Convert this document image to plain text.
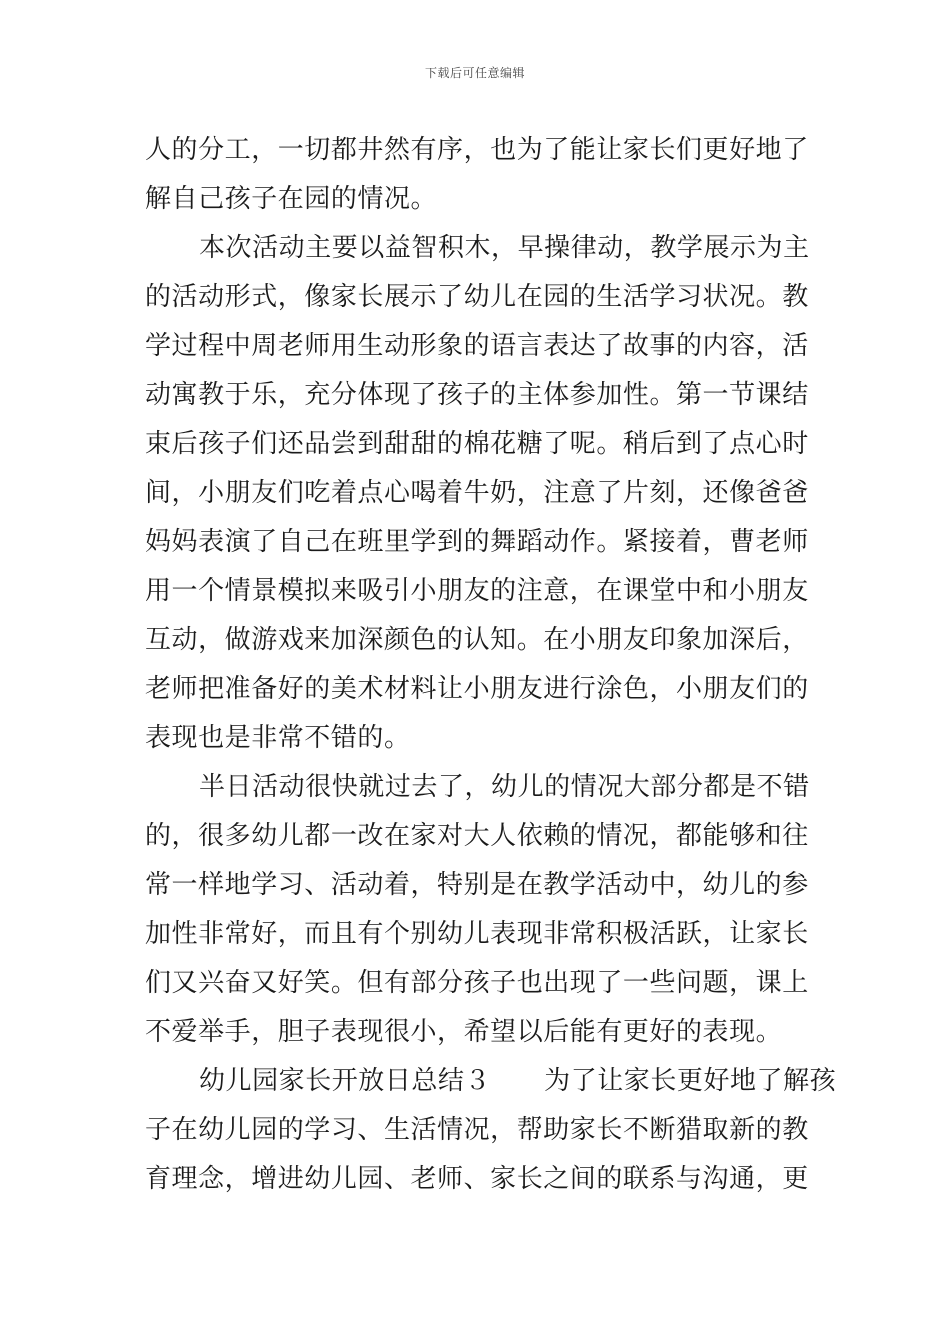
下载后可任意编辑
人的分工，一切都井然有序，也为了能让家长们更好地了
解自己孩子在园的情况。
本次活动主要以益智积木，早操律动，教学展示为主
的活动形式，像家长展示了幼儿在园的生活学习状况。教
学过程中周老师用生动形象的语言表达了故事的内容，活
动寓教于乐，充分体现了孩子的主体参加性。第一节课结
束后孩子们还品尝到甜甜的棉花糖了呢。稍后到了点心时
间，小朋友们吃着点心喝着牛奶，注意了片刻，还像爸爸
妈妈表演了自己在班里学到的舞蹈动作。紧接着，曹老师
用一个情景模拟来吸引小朋友的注意，在课堂中和小朋友
互动，做游戏来加深颜色的认知。在小朋友印象加深后，
老师把准备好的美术材料让小朋友进行涂色，小朋友们的
表现也是非常不错的。
半日活动很快就过去了，幼儿的情况大部分都是不错
的，很多幼儿都一改在家对大人依赖的情况，都能够和往
常一样地学习、活动着，特别是在教学活动中，幼儿的参
加性非常好，而且有个别幼儿表现非常积极活跃，让家长
们又兴奋又好笑。但有部分孩子也出现了一些问题，课上
不爱举手，胆子表现很小，希望以后能有更好的表现。
幼儿园家长开放日总结３　　为了让家长更好地了解孩
子在幼儿园的学习、生活情况，帮助家长不断猎取新的教
育理念，增进幼儿园、老师、家长之间的联系与沟通，更
